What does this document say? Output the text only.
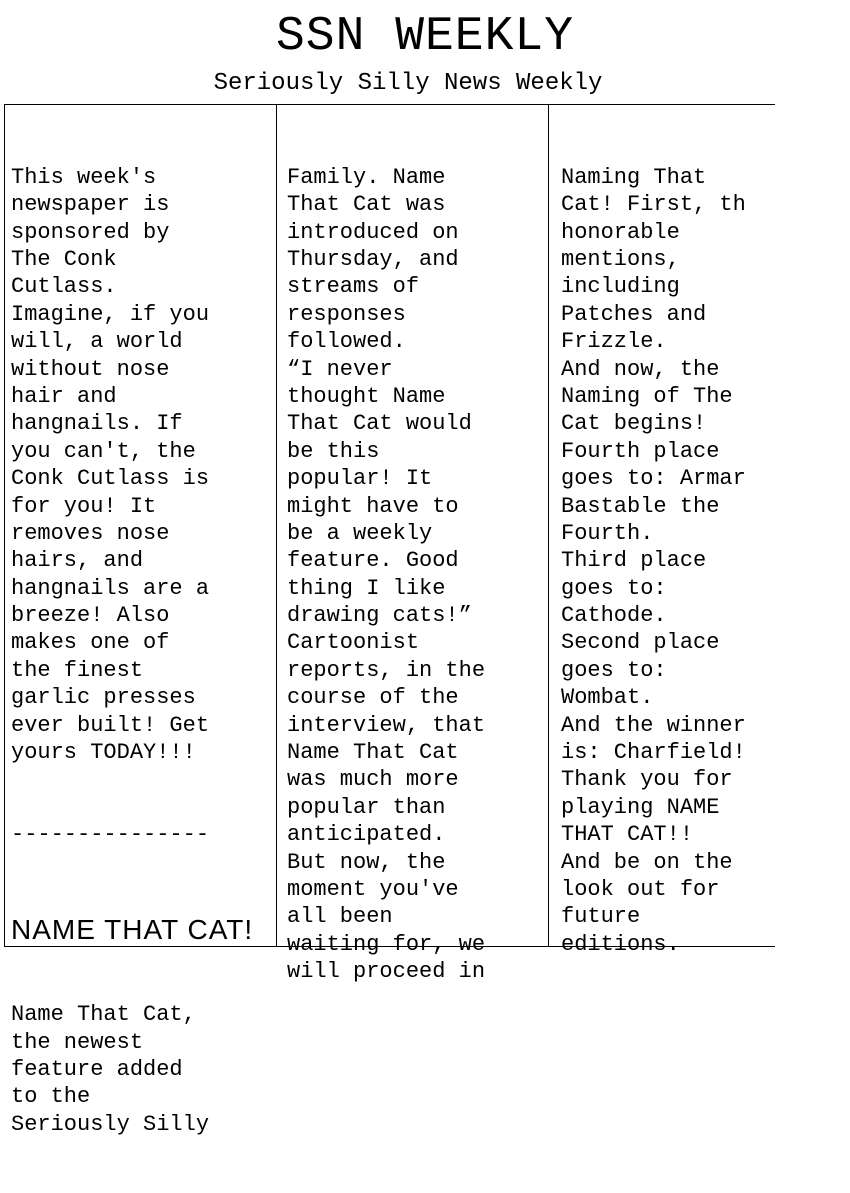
SSN WEEKLY
Seriously Silly News Weekly

This week's
newspaper is
sponsored by
The Conk
Cutlass.
Imagine, if you
will, a world
without nose
hair and
hangnails. If
you can't, the
Conk Cutlass is
for you! It
removes nose
hairs, and
hangnails are a
breeze! Also
makes one of
the finest
garlic presses
ever built! Get
yours TODAY!!!

---------------

NAME THAT CAT!

Name That Cat,
the newest
feature added
to the
Seriously Silly

Family. Name
That Cat was
introduced on
Thursday, and
streams of
responses
followed.
“I never
thought Name
That Cat would
be this
popular! It
might have to
be a weekly
feature. Good
thing I like
drawing cats!”
Cartoonist
reports, in the
course of the
interview, that
Name That Cat
was much more
popular than
anticipated.
But now, the
moment you've
all been
waiting for, we
will proceed in

Naming That
Cat! First, th
honorable
mentions,
including
Patches and
Frizzle.
And now, the
Naming of The
Cat begins!
Fourth place
goes to: Armar
Bastable the
Fourth.
Third place
goes to:
Cathode.
Second place
goes to:
Wombat.
And the winner
is: Charfield!
Thank you for
playing NAME
THAT CAT!!
And be on the
look out for
future
editions.
